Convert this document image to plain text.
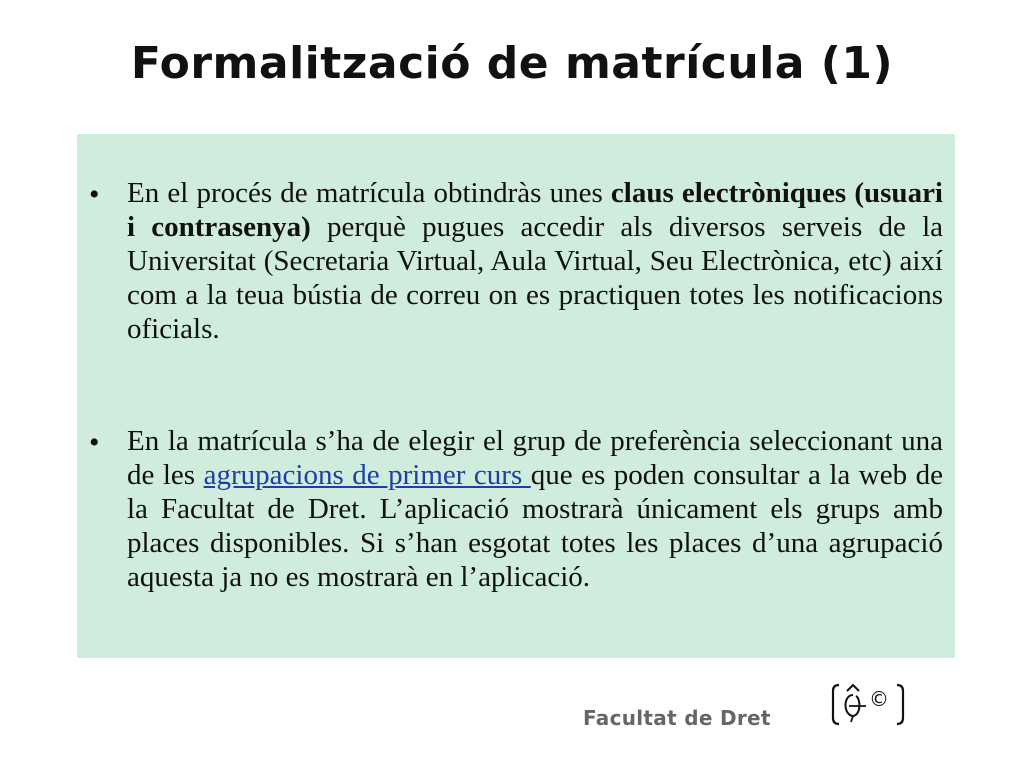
Formalització de matrícula (1)
• En el procés de matrícula obtindràs unes claus electròniques (usuari i contrasenya) perquè pugues accedir als diversos serveis de la Universitat (Secretaria Virtual, Aula Virtual, Seu Electrònica, etc) així com a la teua bústia de correu on es practiquen totes les notificacions oficials.

• En la matrícula s’ha de elegir el grup de preferència seleccionant una de les agrupacions de primer curs que es poden consultar a la web de la Facultat de Dret. L’aplicació mostrarà únicament els grups amb places disponibles. Si s’han esgotat totes les places d’una agrupació aquesta ja no es mostrarà en l’aplicació.

Facultat de Dret
©
